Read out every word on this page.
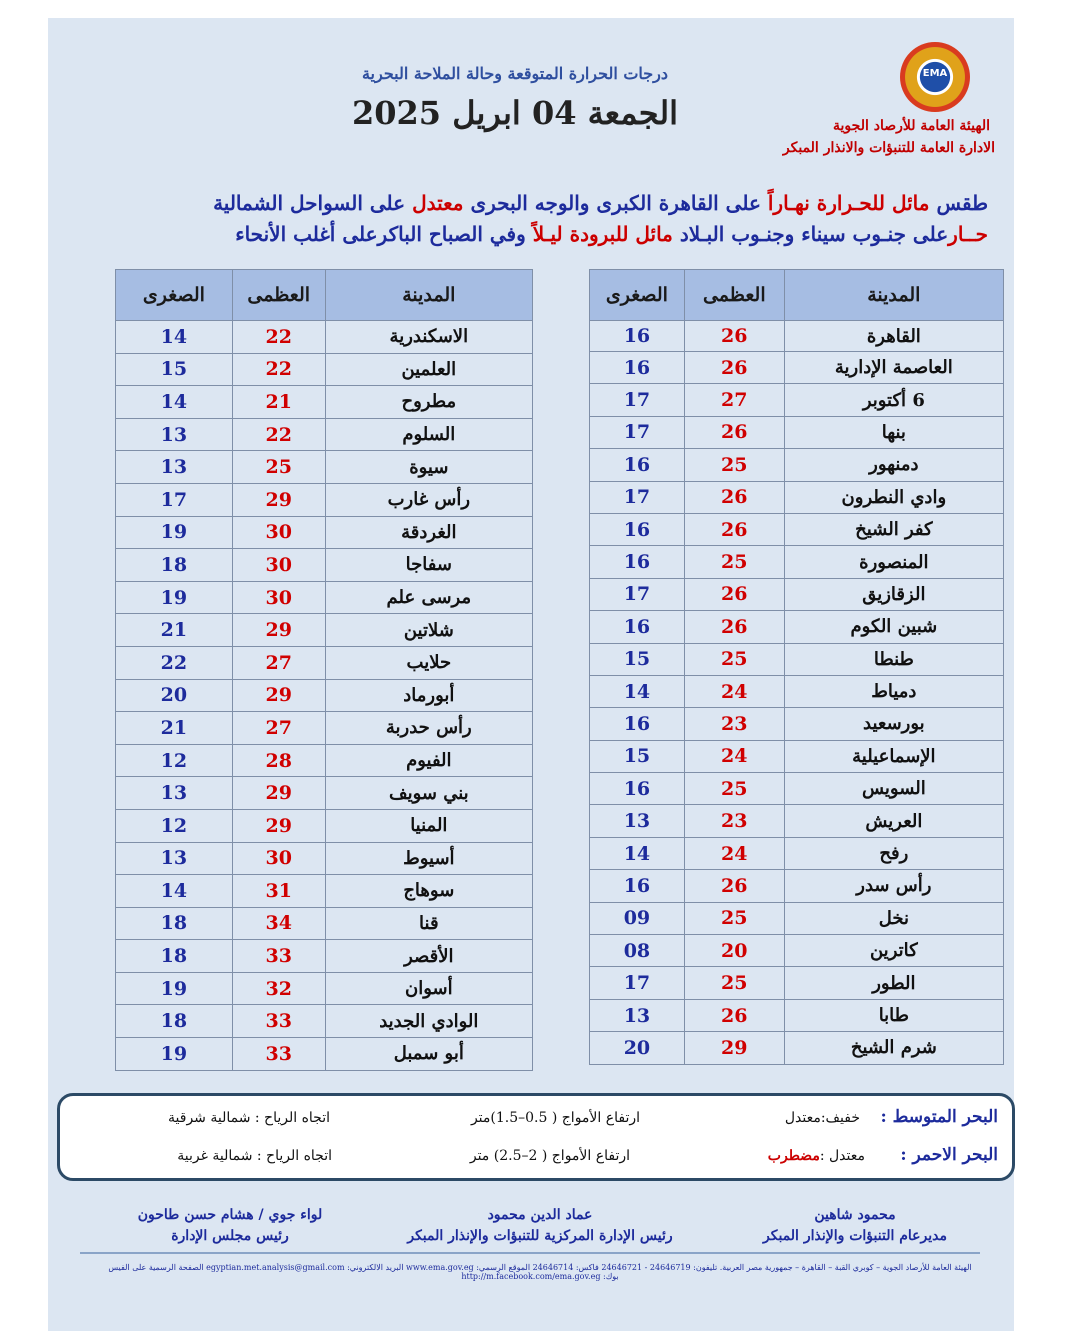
EMA
درجات الحرارة المتوقعة وحالة الملاحة البحرية
الجمعة 04 ابريل 2025	الهيئة العامة للأرصاد الجوية
الادارة العامة للتنبؤات والانذار المبكر
طقس مائل للحـرارة نهـاراً على القاهرة الكبرى والوجه البحرى معتدل على السواحل الشمالية
حــارعلى جنـوب سيناء وجنـوب البـلاد مائل للبرودة ليـلاً وفي الصباح الباكرعلى أغلب الأنحاء
المدينة	العظمى	الصغرى
القاهرة	26	16
العاصمة الإدارية	26	16
6 أكتوبر	27	17
بنها	26	17
دمنهور	25	16
وادي النطرون	26	17
كفر الشيخ	26	16
المنصورة	25	16
الزقازيق	26	17
شبين الكوم	26	16
طنطا	25	15
دمياط	24	14
بورسعيد	23	16
الإسماعيلية	24	15
السويس	25	16
العريش	23	13
رفح	24	14
رأس سدر	26	16
نخل	25	09
كاترين	20	08
الطور	25	17
طابا	26	13
شرم الشيخ	29	20
المدينة	العظمى	الصغرى
الاسكندرية	22	14
العلمين	22	15
مطروح	21	14
السلوم	22	13
سيوة	25	13
رأس غارب	29	17
الغردقة	30	19
سفاجا	30	18
مرسى علم	30	19
شلاتين	29	21
حلايب	27	22
أبورماد	29	20
رأس حدربة	27	21
الفيوم	28	12
بني سويف	29	13
المنيا	29	12
أسيوط	30	13
سوهاج	31	14
قنا	34	18
الأقصر	33	18
أسوان	32	19
الوادي الجديد	33	18
أبو سمبل	33	19
البحر المتوسط :
خفيف:معتدل
ارتفاع الأمواج ( 0.5–1.5)متر
اتجاه الرياح : شمالية شرقية
البحر الاحمر :
معتدل :مضطرب
ارتفاع الأمواج ( 2–2.5) متر
اتجاه الرياح : شمالية غربية
محمود شاهين
مديرعام التنبؤات والإنذار المبكر
عماد الدين محمود
رئيس الإدارة المركزية للتنبؤات والإنذار المبكر
لواء جوي / هشام حسن طاحون
رئيس مجلس الإدارة
الهيئة العامة للأرصاد الجوية – كوبري القبة – القاهرة – جمهورية مصر العربية. تليفون: 24646719 - 24646721 فاكس: 24646714 الموقع الرسمي: www.ema.gov.eg البريد الالكتروني: egyptian.met.analysis@gmail.com الصفحة الرسمية على الفيس بوك: http://m.facebook.com/ema.gov.eg
